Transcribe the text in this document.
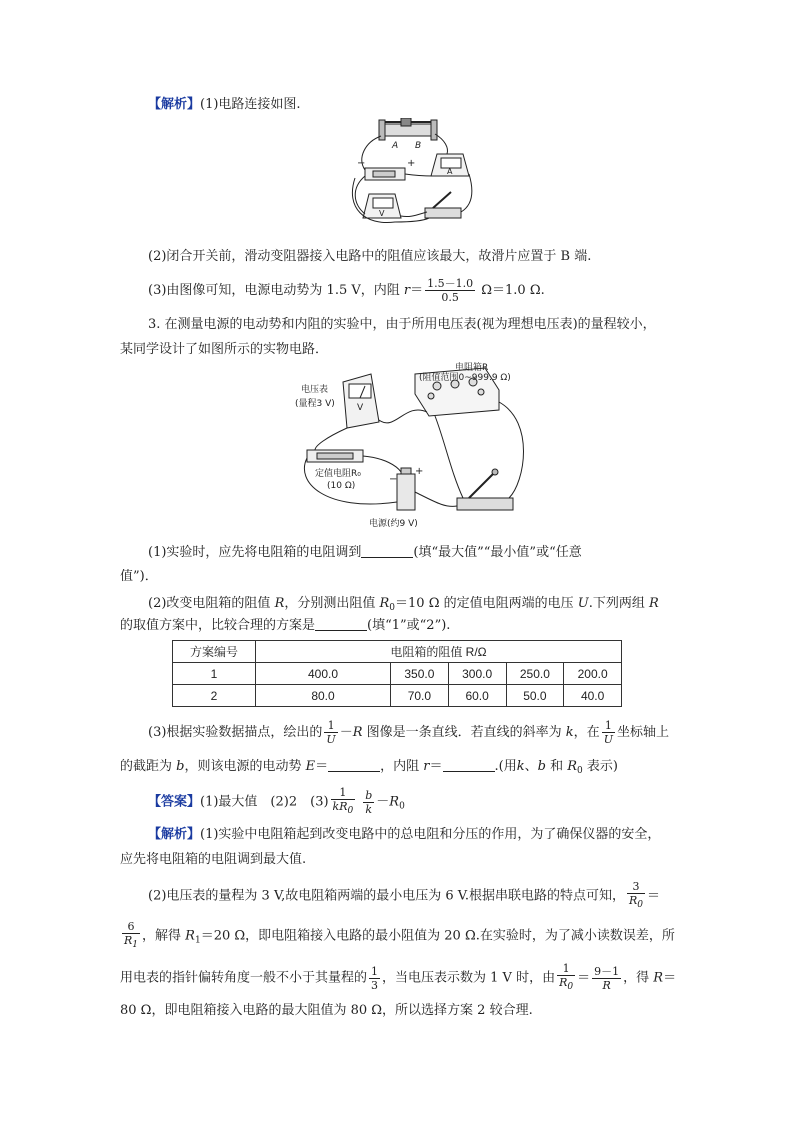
【解析】(1)电路连接如图.
A B
−	+
A
V
(2)闭合开关前，滑动变阻器接入电路中的阻值应该最大，故滑片应置于 B 端.
(3)由图像可知，电源电动势为 1.5 V，内阻 $r= \frac{1.5-1.0}{0.5} \Omega=1.0$ Ω.
3. 在测量电源的电动势和内阻的实验中，由于所用电压表(视为理想电压表)的量程较小，
某同学设计了如图所示的实物电路．
电压表
(量程3 V) V
电阻箱R
(阻值范围0~999.9 Ω)
定值电阻R₀
(10 Ω)
电源(约9 V)
−
+
(1)实验时，应先将电阻箱的电阻调到	(填“最大值”“最小值”或“任意
值”)．
(2)改变电阻箱的阻值 R，分别测出阻值 $R_0=10$ Ω 的定值电阻两端的电压 U.下列两组 R
的取值方案中，比较合理的方案是	(填“1”或“2”).
方案编号	电阻箱的阻值 R/Ω				
1	400.0	350.0	300.0	250.0	200.0
2	80.0	70.0	60.0	50.0	40.0
(3)根据实验数据描点，绘出的 $\frac{1}{U} -R$ 图像是一条直线．若直线的斜率为 k，在 $\frac{1}{U}$ 坐标轴上
的截距为 b，则该电源的电动势 E＝	，内阻 r＝	.(用k、b 和 $R_0$ 表示)
【答案】(1)最大值　(2)2　$(3) \frac{1}{kR_0} \frac{b}{k} -R_0$
【解析】(1)实验中电阻箱起到改变电路中的总电阻和分压的作用，为了确保仪器的安全，
应先将电阻箱的电阻调到最大值.
(2)电压表的量程为 3 V,故电阻箱两端的最小电压为 6 V.根据串联电路的特点可知， $\frac{3}{R_0}$ ＝
$\frac{6}{R_1}$ ，解得 $R_1=20$ Ω，即电阻箱接入电路的最小阻值为 20 Ω.在实验时，为了减小读数误差，所
用电表的指针偏转角度一般不小于其量程的 $\frac{1}{3}$ ，当电压表示数为 1 V 时，由 $\frac{1}{R_0} = \frac{9-1}{R}$ ，得 R＝
80 Ω，即电阻箱接入电路的最大阻值为 80 Ω，所以选择方案 2 较合理.
